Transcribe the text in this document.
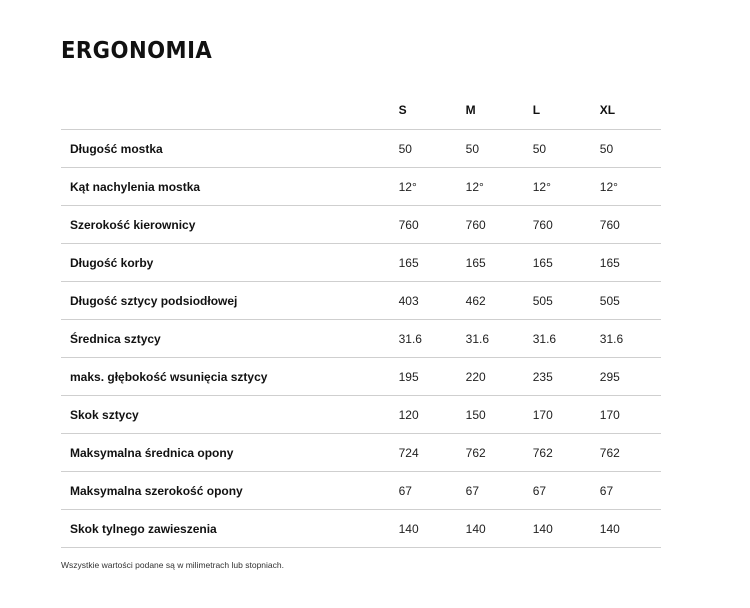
ERGONOMIA
	S	M	L	XL
Długość mostka	50	50	50	50
Kąt nachylenia mostka	12°	12°	12°	12°
Szerokość kierownicy	760	760	760	760
Długość korby	165	165	165	165
Długość sztycy podsiodłowej	403	462	505	505
Średnica sztycy	31.6	31.6	31.6	31.6
maks. głębokość wsunięcia sztycy	195	220	235	295
Skok sztycy	120	150	170	170
Maksymalna średnica opony	724	762	762	762
Maksymalna szerokość opony	67	67	67	67
Skok tylnego zawieszenia	140	140	140	140

Wszystkie wartości podane są w milimetrach lub stopniach.
